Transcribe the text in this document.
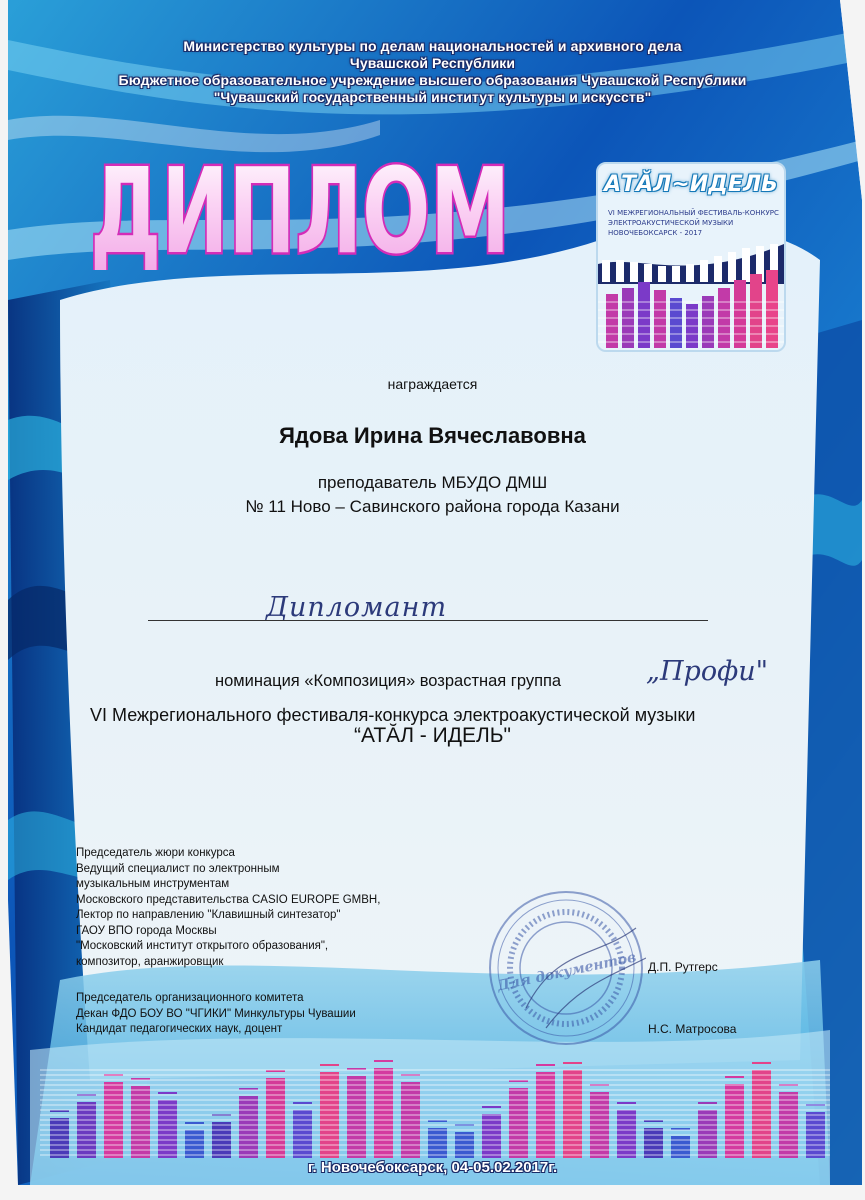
Министерство культуры по делам национальностей и архивного дела
Чувашской Республики
Бюджетное образовательное учреждение высшего образования Чувашской Республики
"Чувашский государственный институт культуры и искусств"
ДИПЛОМ	АТĂЛ~ИДЕЛЬ
VI МЕЖРЕГИОНАЛЬНЫЙ ФЕСТИВАЛЬ-КОНКУРС
ЭЛЕКТРОАКУСТИЧЕСКОЙ МУЗЫКИ
НОВОЧЕБОКСАРСК - 2017
награждается
Ядова Ирина Вячеславовна
преподаватель МБУДО ДМШ
№ 11 Ново – Савинского района города Казани
Дипломант
номинация «Композиция» возрастная группа	„Профи"
VI Межрегионального фестиваля-конкурса электроакустической музыки
“АТĂЛ - ИДЕЛЬ"
Председатель жюри конкурса
Ведущий специалист по электронным
музыкальным инструментам
Московского представительства CASIO EUROPE GMBH,
Лектор по направлению "Клавишный синтезатор"
ГАОУ ВПО города Москвы
"Московский институт открытого образования",
композитор, аранжировщик	Д.П. Рутгерс
Председатель организационного комитета
Декан ФДО БОУ ВО "ЧГИКИ" Минкультуры Чувашии
Кандидат педагогических наук, доцент	Н.С. Матросова
Для документов
г. Новочебоксарск, 04-05.02.2017г.
